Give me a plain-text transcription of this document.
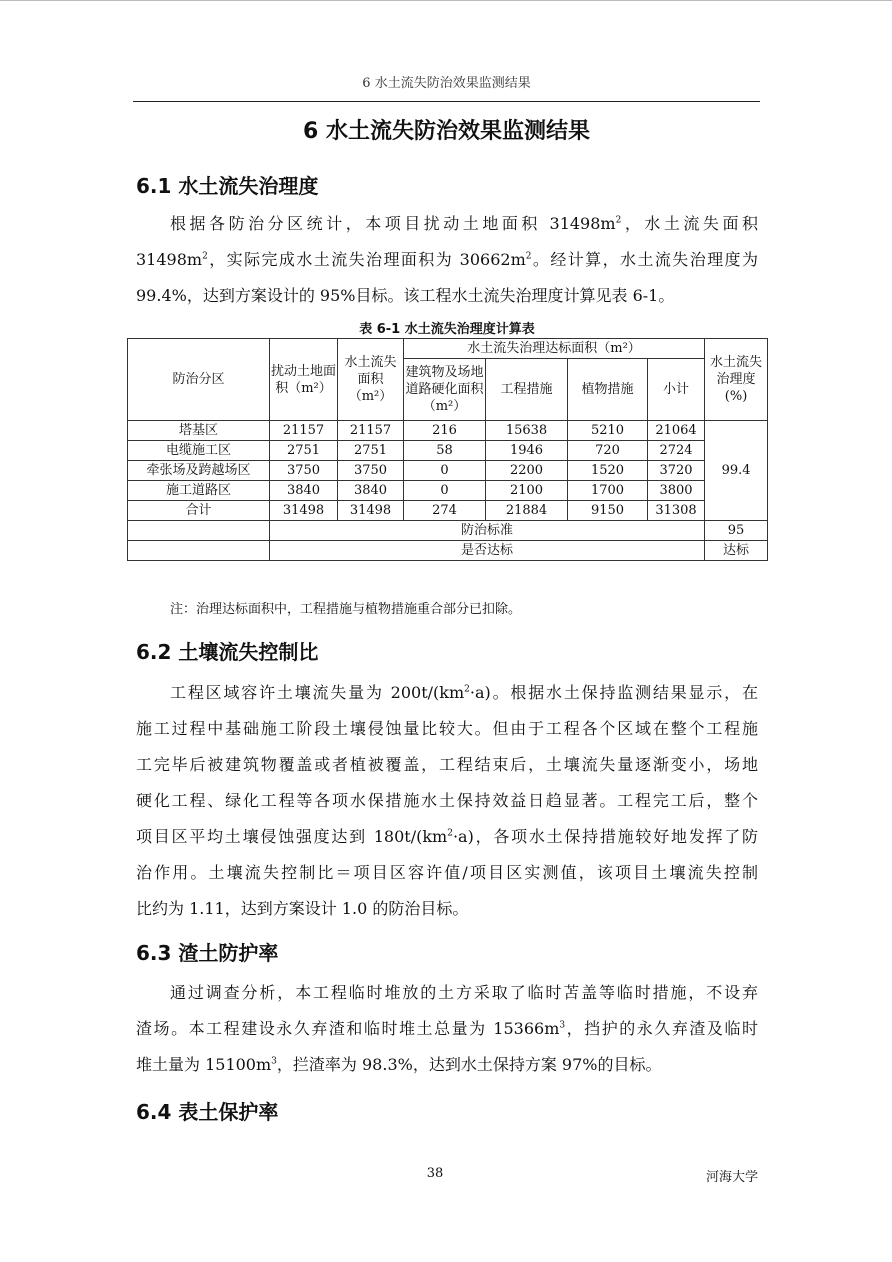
6 水土流失防治效果监测结果
6 水土流失防治效果监测结果
6.1 水土流失治理度
根据各防治分区统计，本项目扰动土地面积 $31498m^2$，水土流失面积
$31498m^2$，实际完成水土流失治理面积为 $30662m^2$。经计算，水土流失治理度为
99.4%，达到方案设计的 95%目标。该工程水土流失治理度计算见表 6-1。
表 6-1 水土流失治理度计算表
防治分区	扰动土地面积（m²）	水土流失面积（m²）	水土流失治理达标面积（m²）				水土流失治理度(%)
			建筑物及场地道路硬化面积（m²）	工程措施	植物措施	小计	

塔基区	21157	21157	216	15638	5210	21064	99.4
电缆施工区	2751	2751	58	1946	720	2724	
牵张场及跨越场区	3750	3750	0	2200	1520	3720	
施工道路区	3840	3840	0	2100	1700	3800	
合计	31498	31498	274	21884	9150	31308	
	防治标准						95
	是否达标						达标
注：治理达标面积中，工程措施与植物措施重合部分已扣除。
6.2 土壤流失控制比
工程区域容许土壤流失量为 $200t/(km^2\cdot a)$。根据水土保持监测结果显示，在
施工过程中基础施工阶段土壤侵蚀量比较大。但由于工程各个区域在整个工程施
工完毕后被建筑物覆盖或者植被覆盖，工程结束后，土壤流失量逐渐变小，场地
硬化工程、绿化工程等各项水保措施水土保持效益日趋显著。工程完工后，整个
项目区平均土壤侵蚀强度达到 $180t/(km^2\cdot a)$，各项水土保持措施较好地发挥了防
治作用。土壤流失控制比＝项目区容许值/项目区实测值，该项目土壤流失控制
比约为 1.11，达到方案设计 1.0 的防治目标。
6.3 渣土防护率
通过调查分析，本工程临时堆放的土方采取了临时苫盖等临时措施，不设弃
渣场。本工程建设永久弃渣和临时堆土总量为 $15366m^3$，挡护的永久弃渣及临时
堆土量为 $15100m^3$，拦渣率为 98.3%，达到水土保持方案 97%的目标。
6.4 表土保护率
38	河海大学
